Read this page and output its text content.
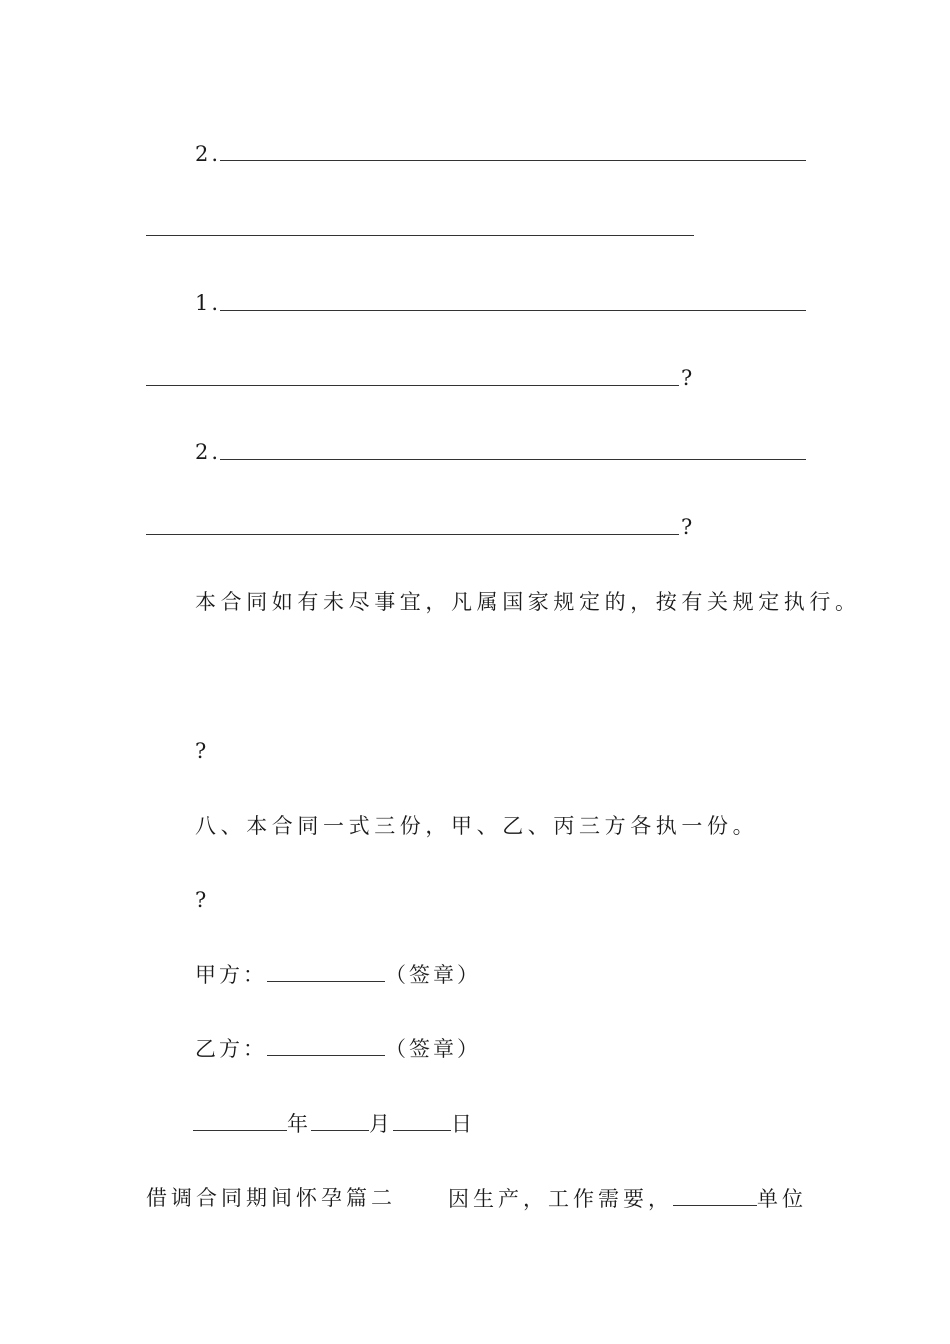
2.
1.
?
2.
?
本合同如有未尽事宜，凡属国家规定的，按有关规定执行。
?
八、本合同一式三份，甲、乙、丙三方各执一份。
?
甲方：	（签章）
乙方：	（签章）
年	月	日
借调合同期间怀孕篇二 因生产，工作需要，	单位
